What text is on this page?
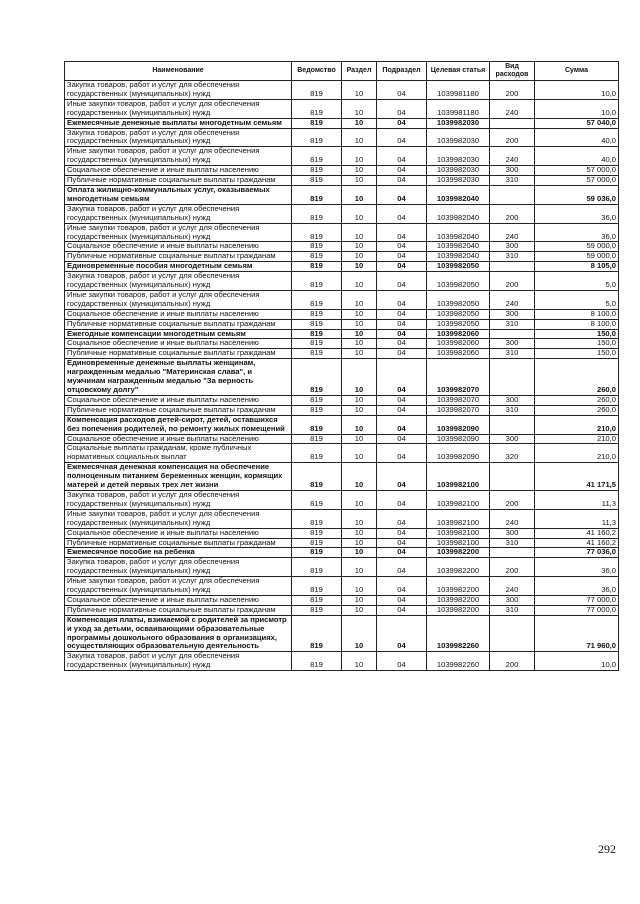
Наименование	Ведомство	Раздел	Подраздел	Целевая статья	Вид расходов	Сумма
Закупка товаров, работ и услуг для обеспечения государственных (муниципальных) нужд	819	10	04	1039981180	200	10,0
Иные закупки товаров, работ и услуг для обеспечения государственных (муниципальных) нужд	819	10	04	1039981180	240	10,0
Ежемесячные денежные выплаты многодетным семьям	819	10	04	1039982030		57 040,0
Закупка товаров, работ и услуг для обеспечения государственных (муниципальных) нужд	819	10	04	1039982030	200	40,0
Иные закупки товаров, работ и услуг для обеспечения государственных (муниципальных) нужд	819	10	04	1039982030	240	40,0
Социальное обеспечение и иные выплаты населению	819	10	04	1039982030	300	57 000,0
Публичные нормативные социальные выплаты гражданам	819	10	04	1039982030	310	57 000,0
Оплата жилищно-коммунальных услуг, оказываемых многодетным семьям	819	10	04	1039982040		59 036,0
Закупка товаров, работ и услуг для обеспечения государственных (муниципальных) нужд	819	10	04	1039982040	200	36,0
Иные закупки товаров, работ и услуг для обеспечения государственных (муниципальных) нужд	819	10	04	1039982040	240	36,0
Социальное обеспечение и иные выплаты населению	819	10	04	1039982040	300	59 000,0
Публичные нормативные социальные выплаты гражданам	819	10	04	1039982040	310	59 000,0
Единовременные пособия многодетным семьям	819	10	04	1039982050		8 105,0
Закупка товаров, работ и услуг для обеспечения государственных (муниципальных) нужд	819	10	04	1039982050	200	5,0
Иные закупки товаров, работ и услуг для обеспечения государственных (муниципальных) нужд	819	10	04	1039982050	240	5,0
Социальное обеспечение и иные выплаты населению	819	10	04	1039982050	300	8 100,0
Публичные нормативные социальные выплаты гражданам	819	10	04	1039982050	310	8 100,0
Ежегодные компенсации многодетным семьям	819	10	04	1039982060		150,0
Социальное обеспечение и иные выплаты населению	819	10	04	1039982060	300	150,0
Публичные нормативные социальные выплаты гражданам	819	10	04	1039982060	310	150,0
Единовременные денежные выплаты женщинам, награжденным медалью "Материнская слава", и мужчинам награжденным медалью "За верность отцовскому долгу"	819	10	04	1039982070		260,0
Социальное обеспечение и иные выплаты населению	819	10	04	1039982070	300	260,0
Публичные нормативные социальные выплаты гражданам	819	10	04	1039982070	310	260,0
Компенсация расходов детей-сирот, детей, оставшихся без попечения родителей, по ремонту жилых помещений	819	10	04	1039982090		210,0
Социальное обеспечение и иные выплаты населению	819	10	04	1039982090	300	210,0
Социальные выплаты гражданам, кроме публичных нормативных социальных выплат	819	10	04	1039982090	320	210,0
Ежемесячная денежная компенсация на обеспечение полноценным питанием беременных женщин, кормящих матерей и детей первых трех лет жизни	819	10	04	1039982100		41 171,5
Закупка товаров, работ и услуг для обеспечения государственных (муниципальных) нужд	819	10	04	1039982100	200	11,3
Иные закупки товаров, работ и услуг для обеспечения государственных (муниципальных) нужд	819	10	04	1039982100	240	11,3
Социальное обеспечение и иные выплаты населению	819	10	04	1039982100	300	41 160,2
Публичные нормативные социальные выплаты гражданам	819	10	04	1039982100	310	41 160,2
Ежемесячное пособие на ребенка	819	10	04	1039982200		77 036,0
Закупка товаров, работ и услуг для обеспечения государственных (муниципальных) нужд	819	10	04	1039982200	200	36,0
Иные закупки товаров, работ и услуг для обеспечения государственных (муниципальных) нужд	819	10	04	1039982200	240	36,0
Социальное обеспечение и иные выплаты населению	819	10	04	1039982200	300	77 000,0
Публичные нормативные социальные выплаты гражданам	819	10	04	1039982200	310	77 000,0
Компенсация платы, взимаемой с родителей за присмотр и уход за детьми, осваивающими образовательные программы дошкольного образования в организациях, осуществляющих образовательную деятельность	819	10	04	1039982260		71 960,0
Закупка товаров, работ и услуг для обеспечения государственных (муниципальных) нужд	819	10	04	1039982260	200	10,0
292
